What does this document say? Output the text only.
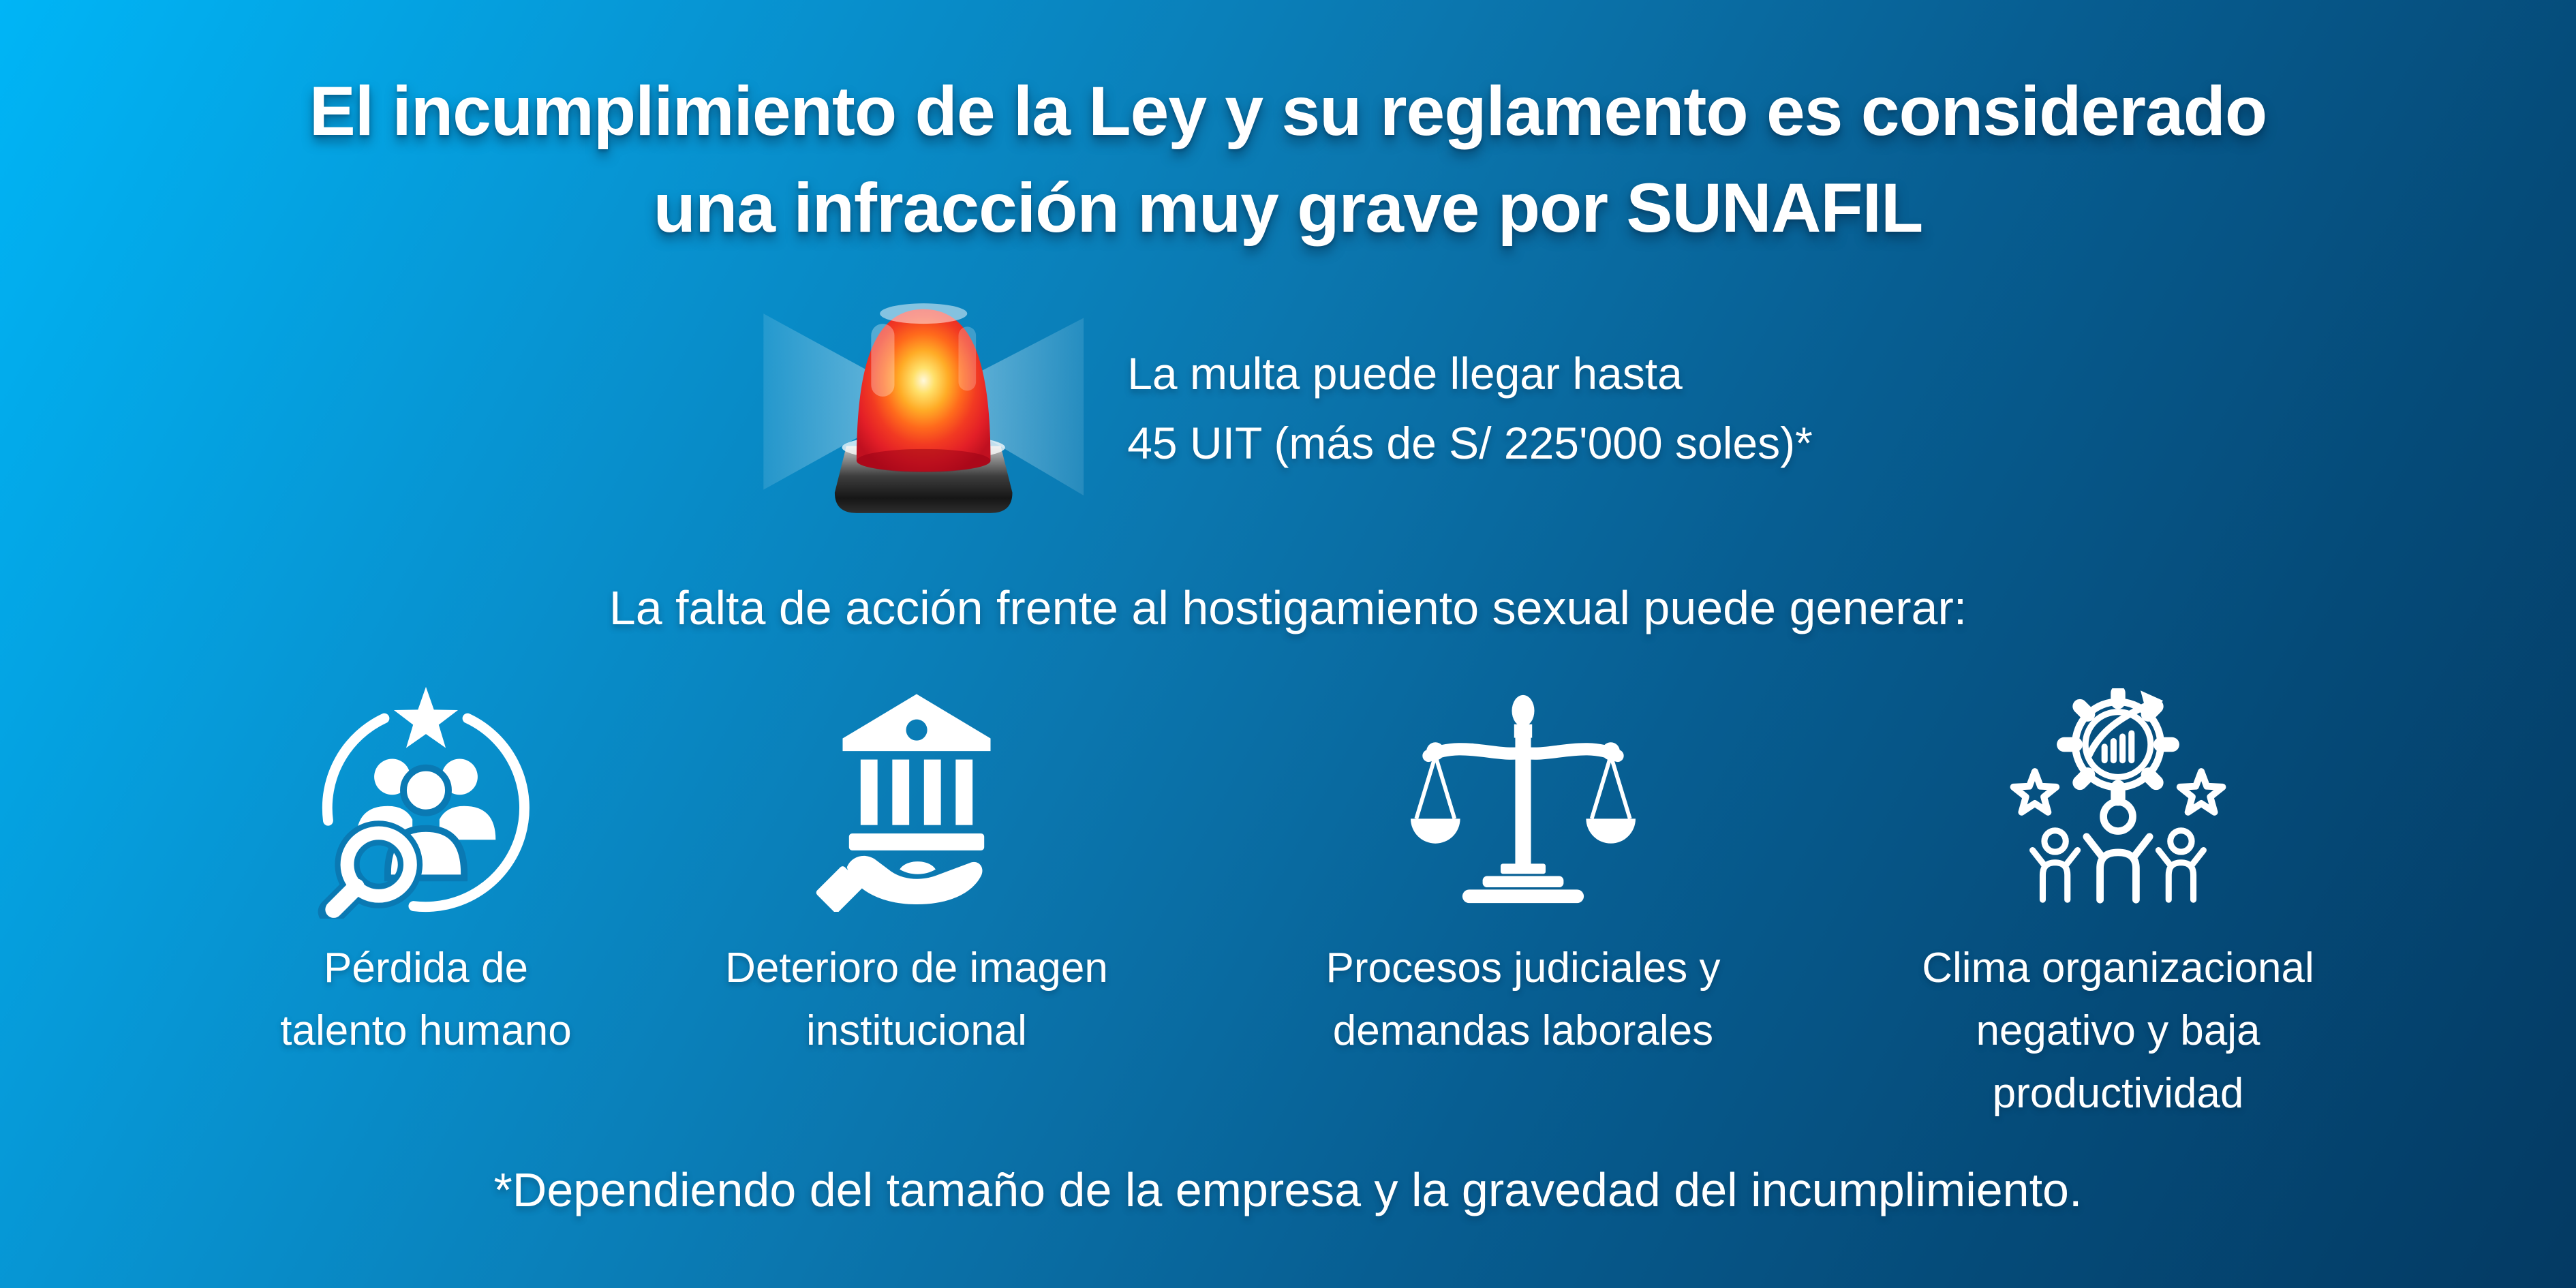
El incumplimiento de la Ley y su reglamento es considerado
una infracción muy grave por SUNAFIL
La multa puede llegar hasta
45 UIT (más de S/ 225'000 soles)*
La falta de acción frente al hostigamiento sexual puede generar:
Pérdida de
talento humano
Deterioro de imagen
institucional
Procesos judiciales y
demandas laborales
Clima organizacional
negativo y baja
productividad
*Dependiendo del tamaño de la empresa y la gravedad del incumplimiento.
